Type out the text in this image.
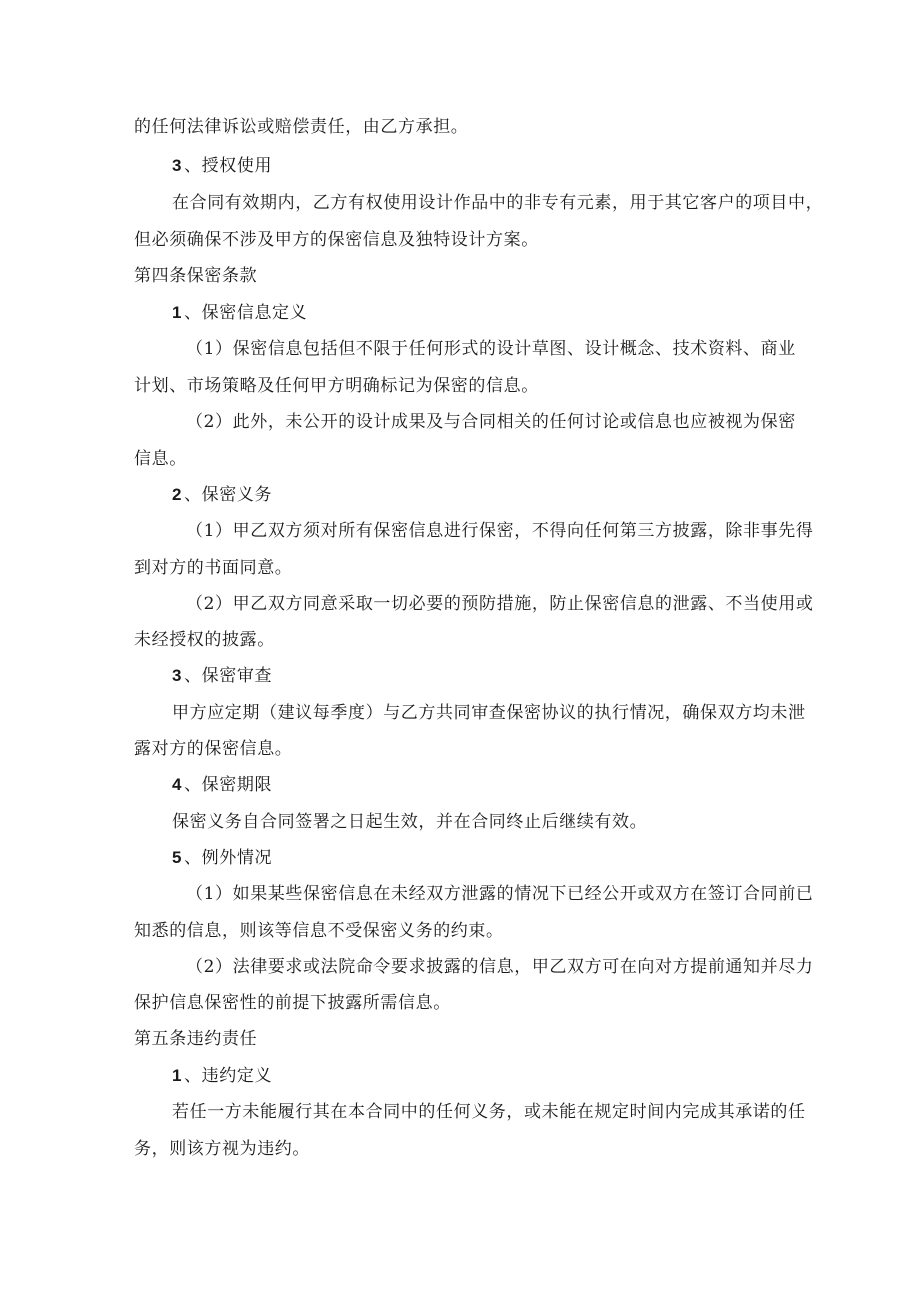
的任何法律诉讼或赔偿责任，由乙方承担。
3 、授权使用
在合同有效期内，乙方有权使用设计作品中的非专有元素，用于其它客户的项目中，
但必须确保不涉及甲方的保密信息及独特设计方案。
第四条保密条款
1 、保密信息定义
（1）保密信息包括但不限于任何形式的设计草图、设计概念、技术资料、商业
计划、市场策略及任何甲方明确标记为保密的信息。
（2）此外，未公开的设计成果及与合同相关的任何讨论或信息也应被视为保密
信息。
2 、保密义务
（1）甲乙双方须对所有保密信息进行保密，不得向任何第三方披露，除非事先得
到对方的书面同意。
（2）甲乙双方同意采取一切必要的预防措施，防止保密信息的泄露、不当使用或
未经授权的披露。
3 、保密审查
甲方应定期（建议每季度）与乙方共同审查保密协议的执行情况，确保双方均未泄
露对方的保密信息。
4 、保密期限
保密义务自合同签署之日起生效，并在合同终止后继续有效。
5 、例外情况
（1）如果某些保密信息在未经双方泄露的情况下已经公开或双方在签订合同前已
知悉的信息，则该等信息不受保密义务的约束。
（2）法律要求或法院命令要求披露的信息，甲乙双方可在向对方提前通知并尽力
保护信息保密性的前提下披露所需信息。
第五条违约责任
1 、违约定义
若任一方未能履行其在本合同中的任何义务，或未能在规定时间内完成其承诺的任
务，则该方视为违约。
